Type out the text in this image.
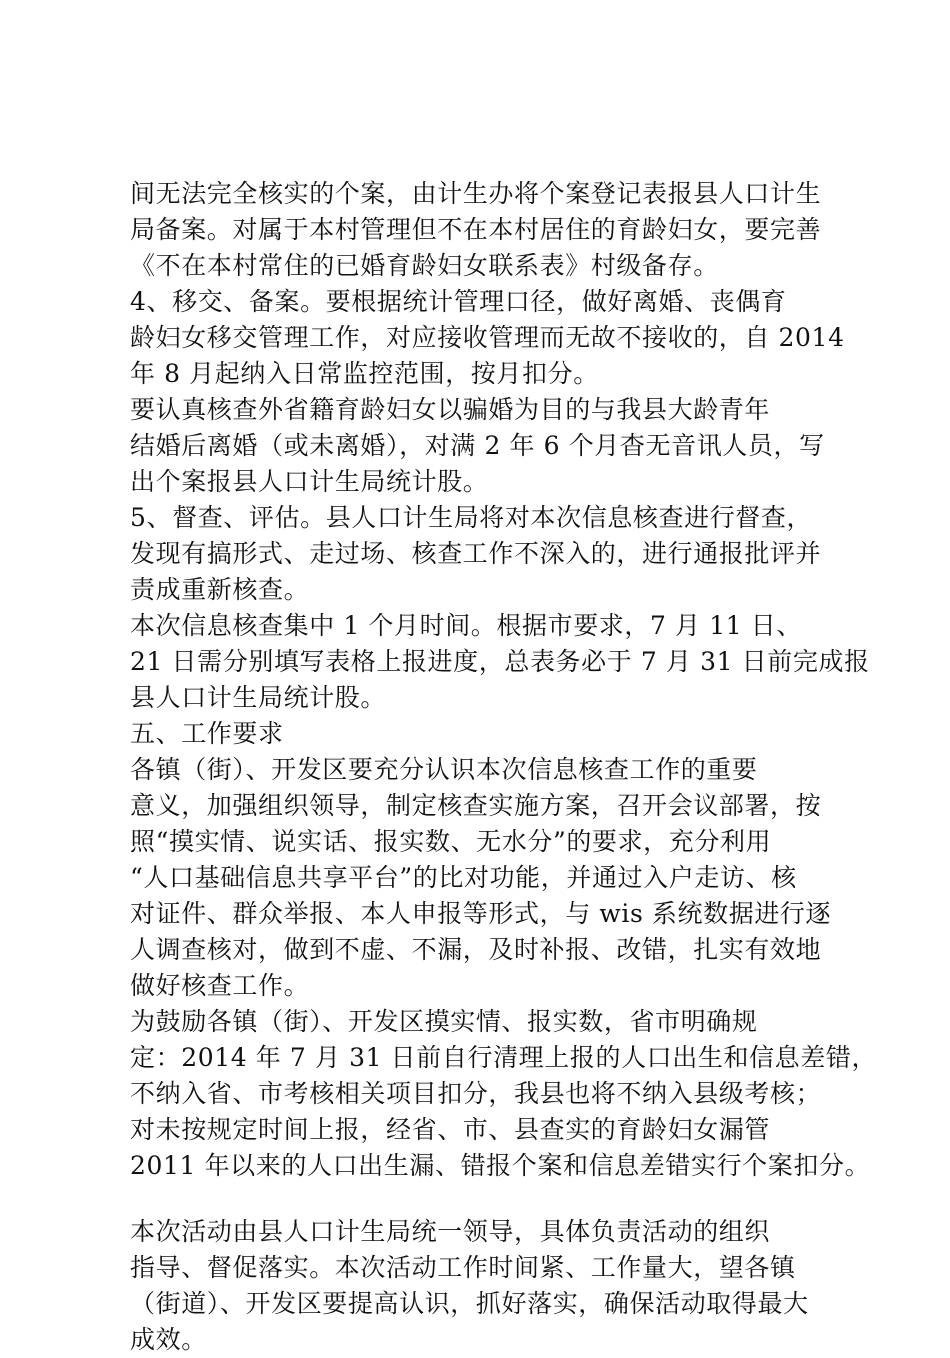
间无法完全核实的个案，由计生办将个案登记表报县人口计生
局备案。对属于本村管理但不在本村居住的育龄妇女，要完善
《不在本村常住的已婚育龄妇女联系表》村级备存。
4、移交、备案。要根据统计管理口径，做好离婚、丧偶育
龄妇女移交管理工作，对应接收管理而无故不接收的，自 2014
年 8 月起纳入日常监控范围，按月扣分。
要认真核查外省籍育龄妇女以骗婚为目的与我县大龄青年
结婚后离婚（或未离婚），对满 2 年 6 个月杳无音讯人员，写
出个案报县人口计生局统计股。
5、督查、评估。县人口计生局将对本次信息核查进行督查，
发现有搞形式、走过场、核查工作不深入的，进行通报批评并
责成重新核查。
本次信息核查集中 1 个月时间。根据市要求，7 月 11 日、
21 日需分别填写表格上报进度，总表务必于 7 月 31 日前完成报
县人口计生局统计股。
五、工作要求
各镇（街）、开发区要充分认识本次信息核查工作的重要
意义，加强组织领导，制定核查实施方案，召开会议部署，按
照“摸实情、说实话、报实数、无水分”的要求，充分利用
“人口基础信息共享平台”的比对功能，并通过入户走访、核
对证件、群众举报、本人申报等形式，与 wis 系统数据进行逐
人调查核对，做到不虚、不漏，及时补报、改错，扎实有效地
做好核查工作。
为鼓励各镇（街）、开发区摸实情、报实数，省市明确规
定：2014 年 7 月 31 日前自行清理上报的人口出生和信息差错，
不纳入省、市考核相关项目扣分，我县也将不纳入县级考核；
对未按规定时间上报，经省、市、县查实的育龄妇女漏管
2011 年以来的人口出生漏、错报个案和信息差错实行个案扣分。
本次活动由县人口计生局统一领导，具体负责活动的组织
指导、督促落实。本次活动工作时间紧、工作量大，望各镇
（街道）、开发区要提高认识，抓好落实，确保活动取得最大
成效。
